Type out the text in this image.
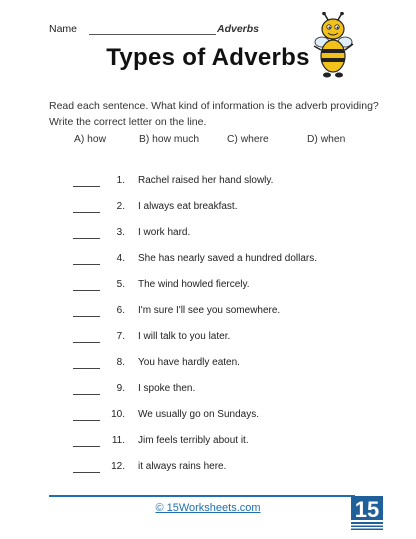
Name	Adverbs
Types of Adverbs
Read each sentence. What kind of information is the adverb providing? Write the correct letter on the line.
A) how	B) how much	C) where	D) when
1. Rachel raised her hand slowly.
2. I always eat breakfast.
3. I work hard.
4. She has nearly saved a hundred dollars.
5. The wind howled fiercely.
6. I'm sure I'll see you somewhere.
7. I will talk to you later.
8. You have hardly eaten.
9. I spoke then.
10. We usually go on Sundays.
11. Jim feels terribly about it.
12. it always rains here.
© 15Worksheets.com	15
